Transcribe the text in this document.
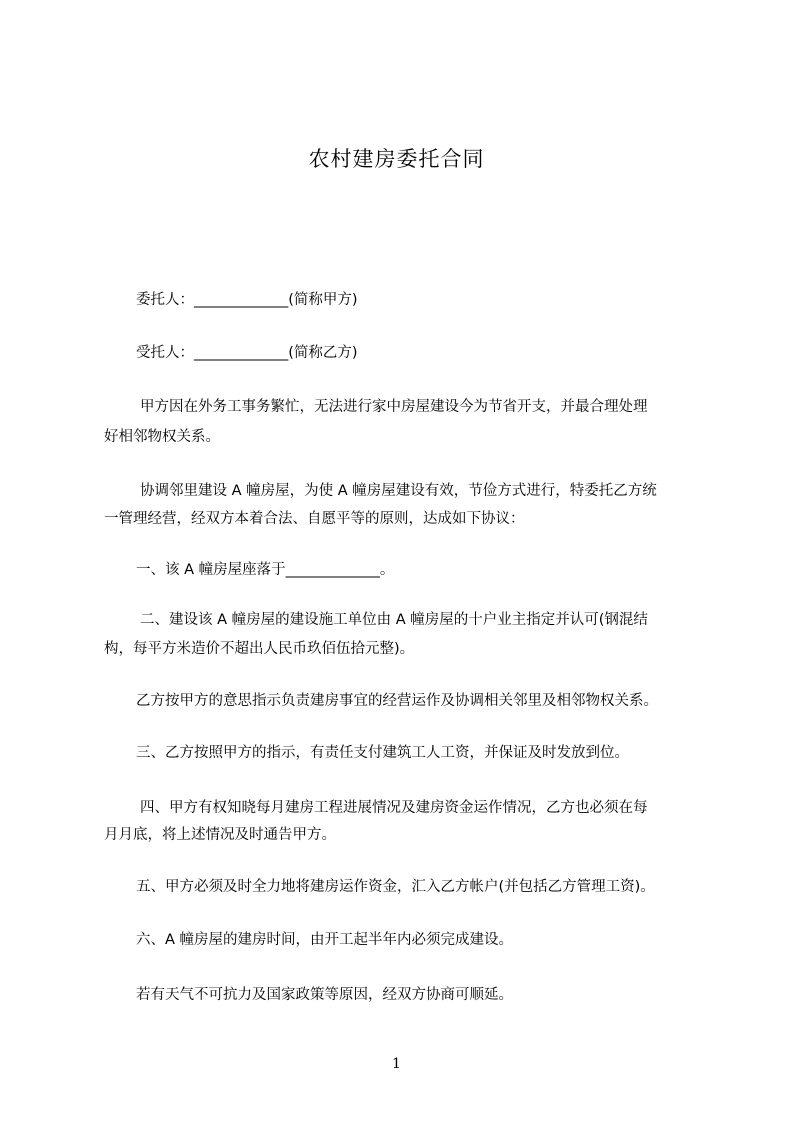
农村建房委托合同
委托人：_____________(简称甲方)
受托人：_____________(简称乙方)
甲方因在外务工事务繁忙，无法进行家中房屋建设今为节省开支，并最合理处理
好相邻物权关系。
协调邻里建设 A 幢房屋，为使 A 幢房屋建设有效，节俭方式进行，特委托乙方统
一管理经营，经双方本着合法、自愿平等的原则，达成如下协议：
一、该 A 幢房屋座落于_____________。
二、建设该 A 幢房屋的建设施工单位由 A 幢房屋的十户业主指定并认可(钢混结
构，每平方米造价不超出人民币玖佰伍拾元整)。
乙方按甲方的意思指示负责建房事宜的经营运作及协调相关邻里及相邻物权关系。
三、乙方按照甲方的指示，有责任支付建筑工人工资，并保证及时发放到位。
四、甲方有权知晓每月建房工程进展情况及建房资金运作情况，乙方也必须在每
月月底，将上述情况及时通告甲方。
五、甲方必须及时全力地将建房运作资金，汇入乙方帐户(并包括乙方管理工资)。
六、A 幢房屋的建房时间，由开工起半年内必须完成建设。
若有天气不可抗力及国家政策等原因，经双方协商可顺延。
1
